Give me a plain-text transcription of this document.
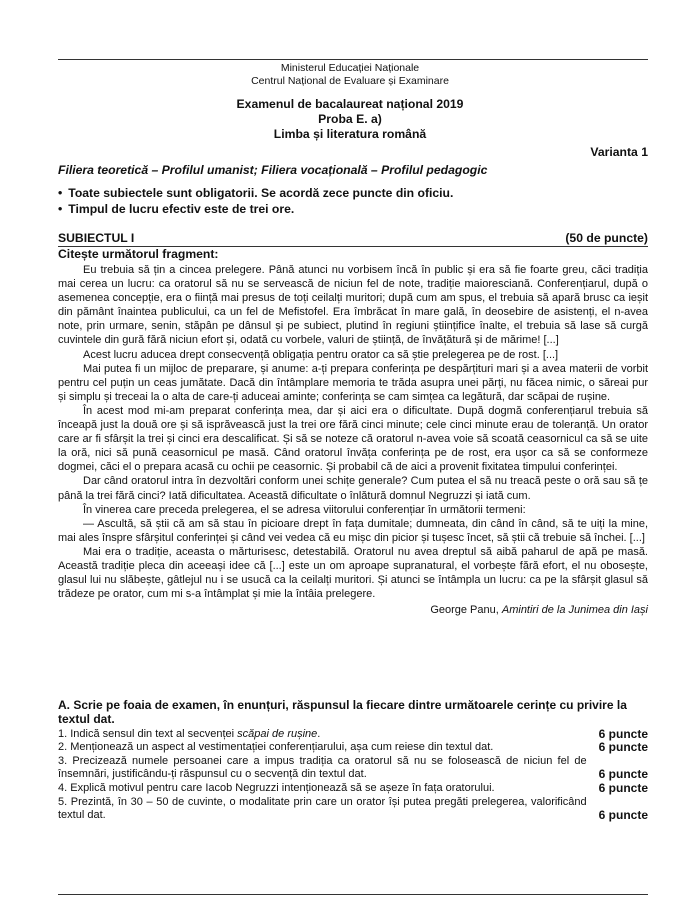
Ministerul Educației Naționale
Centrul Național de Evaluare și Examinare
Examenul de bacalaureat național 2019
Proba E. a)
Limba și literatura română
Varianta 1
Filiera teoretică – Profilul umanist; Filiera vocațională – Profilul pedagogic
• Toate subiectele sunt obligatorii. Se acordă zece puncte din oficiu.
• Timpul de lucru efectiv este de trei ore.
SUBIECTUL I	(50 de puncte)
Citește următorul fragment:

Eu trebuia să țin a cincea prelegere. Până atunci nu vorbisem încă în public și era să fie foarte greu, căci tradiția mai cerea un lucru: ca oratorul să nu se servească de niciun fel de note, tradiție maioresciană. Conferențiarul, după o asemenea concepție, era o ființă mai presus de toți ceilalți muritori; după cum am spus, el trebuia să apară brusc ca ieșit din pământ înaintea publicului, ca un fel de Mefistofel. Era îmbrăcat în mare gală, în deosebire de asistenți, el n-avea note, prin urmare, senin, stăpân pe dânsul și pe subiect, plutind în regiuni științifice înalte, el trebuia să lase să curgă cuvintele din gură fără niciun efort și, odată cu vorbele, valuri de știință, de învățătură și de mărime! [...]

Acest lucru aducea drept consecvență obligația pentru orator ca să știe prelegerea pe de rost. [...]

Mai putea fi un mijloc de preparare, și anume: a-ți prepara conferința pe despărțituri mari și a avea materii de vorbit pentru cel puțin un ceas jumătate. Dacă din întâmplare memoria te trăda asupra unei părți, nu făcea nimic, o săreai pur și simplu și treceai la o alta de care-ți aduceai aminte; conferința se cam simțea ca legătură, dar scăpai de rușine.

În acest mod mi-am preparat conferința mea, dar și aici era o dificultate. După dogmă conferențiarul trebuia să înceapă just la două ore și să isprăvească just la trei ore fără cinci minute; cele cinci minute erau de toleranță. Un orator care ar fi sfârșit la trei și cinci era descalificat. Și să se noteze că oratorul n-avea voie să scoată ceasornicul ca să se uite la oră, nici să pună ceasornicul pe masă. Când oratorul învăța conferința pe de rost, era ușor ca să se conformeze dogmei, căci el o prepara acasă cu ochii pe ceasornic. Și probabil că de aici a provenit fixitatea timpului conferinței.

Dar când oratorul intra în dezvoltări conform unei schițe generale? Cum putea el să nu treacă peste o oră sau să țe până la trei fără cinci? Iată dificultatea. Această dificultate o înlătură domnul Negruzzi și iată cum.

În vinerea care preceda prelegerea, el se adresa viitorului conferențiar în următorii termeni:

— Ascultă, să știi că am să stau în picioare drept în fața dumitale; dumneata, din când în când, să te uiți la mine, mai ales înspre sfârșitul conferinței și când vei vedea că eu mișc din picior și tușesc încet, să știi că trebuie să închei. [...]

Mai era o tradiție, aceasta o mărturisesc, detestabilă. Oratorul nu avea dreptul să aibă paharul de apă pe masă. Această tradiție pleca din aceeași idee că [...] este un om aproape supranatural, el vorbește fără efort, el nu obosește, glasul lui nu slăbește, gâtlejul nu i se usucă ca la ceilalți muritori. Și atunci se întâmpla un lucru: ca pe la sfârșit glasul să trădeze pe orator, cum mi s-a întâmplat și mie la întâia prelegere.

George Panu, Amintiri de la Junimea din Iași
A. Scrie pe foaia de examen, în enunțuri, răspunsul la fiecare dintre următoarele cerințe cu privire la textul dat.
1. Indică sensul din text al secvenței scăpai de rușine.	6 puncte
2. Menționează un aspect al vestimentației conferențiarului, așa cum reiese din textul dat.	6 puncte
3. Precizează numele persoanei care a impus tradiția ca oratorul să nu se folosească de niciun fel de însemnări, justificându-ți răspunsul cu o secvență din textul dat.	6 puncte
4. Explică motivul pentru care Iacob Negruzzi intenționează să se așeze în fața oratorului.	6 puncte
5. Prezintă, în 30 – 50 de cuvinte, o modalitate prin care un orator își putea pregăti prelegerea, valorificând textul dat.	6 puncte
